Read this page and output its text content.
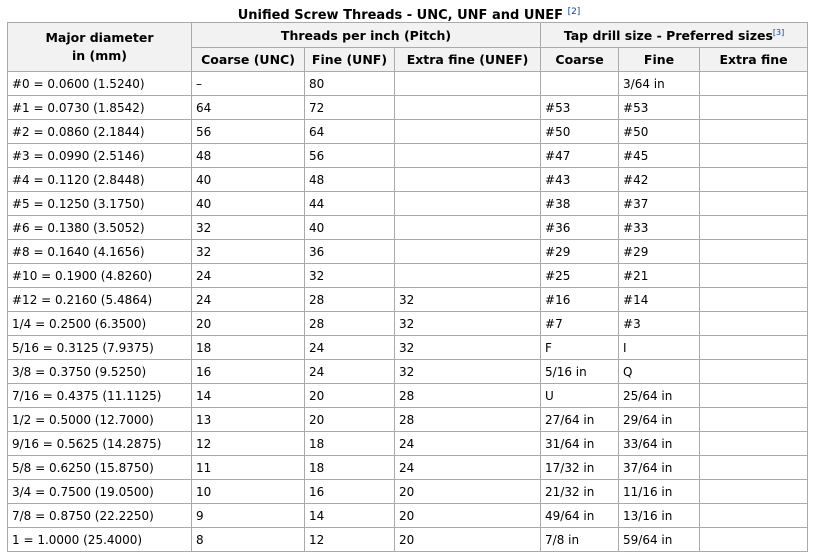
Unified Screw Threads - UNC, UNF and UNEF [2]
Major diameter
in (mm)	Threads per inch (Pitch)			Tap drill size - Preferred sizes[3]
	Coarse (UNC)	Fine (UNF)	Extra fine (UNEF)	Coarse	Fine	Extra fine
#0 = 0.0600 (1.5240)	–	80			3/64 in	
#1 = 0.0730 (1.8542)	64	72		#53	#53	
#2 = 0.0860 (2.1844)	56	64		#50	#50	
#3 = 0.0990 (2.5146)	48	56		#47	#45	
#4 = 0.1120 (2.8448)	40	48		#43	#42	
#5 = 0.1250 (3.1750)	40	44		#38	#37	
#6 = 0.1380 (3.5052)	32	40		#36	#33	
#8 = 0.1640 (4.1656)	32	36		#29	#29	
#10 = 0.1900 (4.8260)	24	32		#25	#21	
#12 = 0.2160 (5.4864)	24	28	32	#16	#14	
1/4 = 0.2500 (6.3500)	20	28	32	#7	#3	
5/16 = 0.3125 (7.9375)	18	24	32	F	I	
3/8 = 0.3750 (9.5250)	16	24	32	5/16 in	Q	
7/16 = 0.4375 (11.1125)	14	20	28	U	25/64 in	
1/2 = 0.5000 (12.7000)	13	20	28	27/64 in	29/64 in	
9/16 = 0.5625 (14.2875)	12	18	24	31/64 in	33/64 in	
5/8 = 0.6250 (15.8750)	11	18	24	17/32 in	37/64 in	
3/4 = 0.7500 (19.0500)	10	16	20	21/32 in	11/16 in	
7/8 = 0.8750 (22.2250)	9	14	20	49/64 in	13/16 in	
1 = 1.0000 (25.4000)	8	12	20	7/8 in	59/64 in	
